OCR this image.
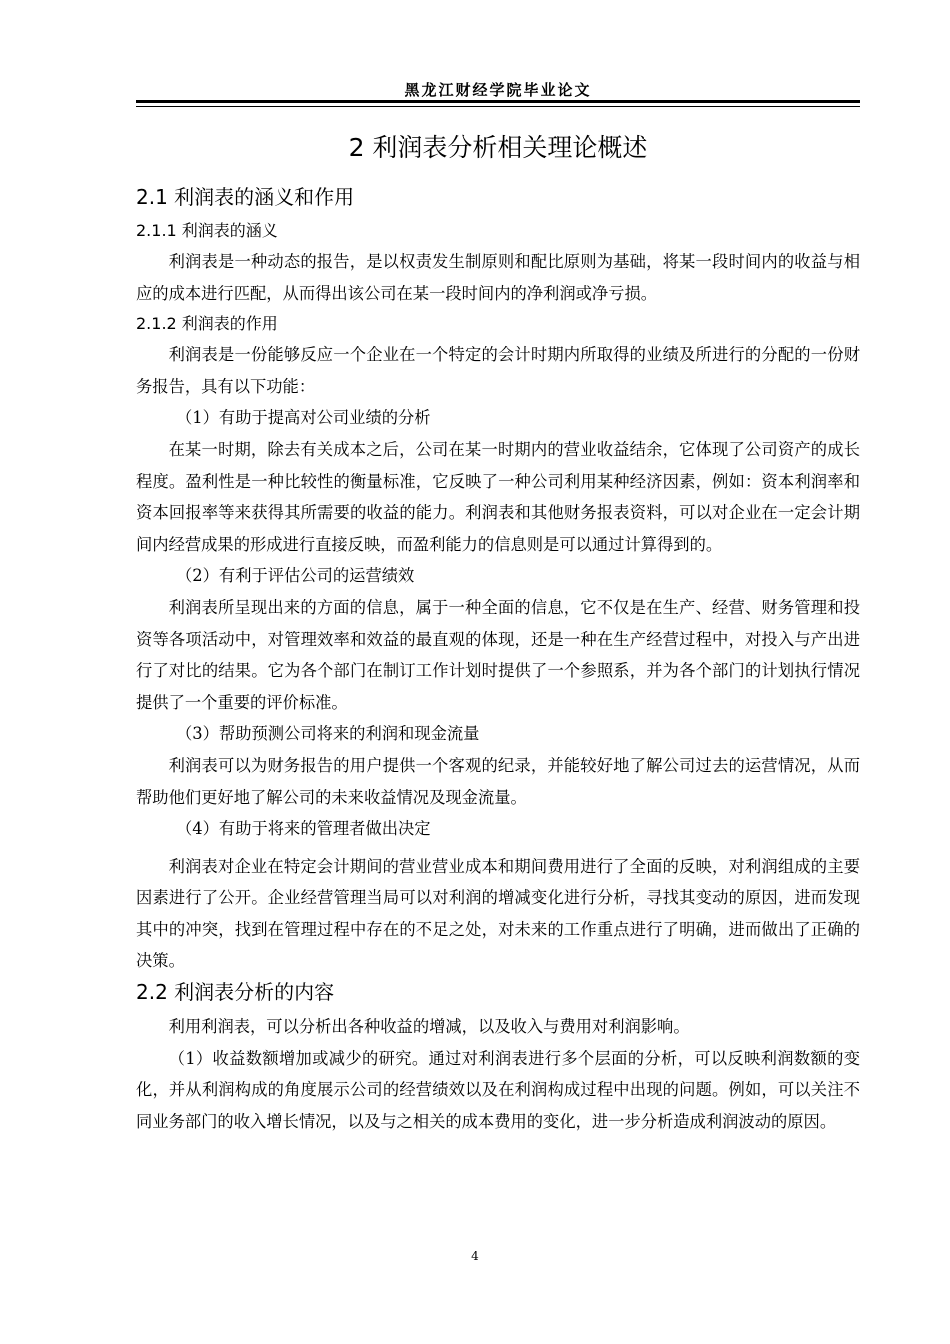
黑龙江财经学院毕业论文
2 利润表分析相关理论概述
2.1 利润表的涵义和作用
2.1.1 利润表的涵义

利润表是一种动态的报告，是以权责发生制原则和配比原则为基础，将某一段时间内的收益与相应的成本进行匹配，从而得出该公司在某一段时间内的净利润或净亏损。

2.1.2 利润表的作用

利润表是一份能够反应一个企业在一个特定的会计时期内所取得的业绩及所进行的分配的一份财务报告，具有以下功能：

（1）有助于提高对公司业绩的分析

在某一时期，除去有关成本之后，公司在某一时期内的营业收益结余，它体现了公司资产的成长程度。盈利性是一种比较性的衡量标准，它反映了一种公司利用某种经济因素，例如：资本利润率和资本回报率等来获得其所需要的收益的能力。利润表和其他财务报表资料，可以对企业在一定会计期间内经营成果的形成进行直接反映，而盈利能力的信息则是可以通过计算得到的。

（2）有利于评估公司的运营绩效

利润表所呈现出来的方面的信息，属于一种全面的信息，它不仅是在生产、经营、财务管理和投资等各项活动中，对管理效率和效益的最直观的体现，还是一种在生产经营过程中，对投入与产出进行了对比的结果。它为各个部门在制订工作计划时提供了一个参照系，并为各个部门的计划执行情况提供了一个重要的评价标准。

（3）帮助预测公司将来的利润和现金流量

利润表可以为财务报告的用户提供一个客观的纪录，并能较好地了解公司过去的运营情况，从而帮助他们更好地了解公司的未来收益情况及现金流量。

（4）有助于将来的管理者做出决定

利润表对企业在特定会计期间的营业营业成本和期间费用进行了全面的反映，对利润组成的主要因素进行了公开。企业经营管理当局可以对利润的增减变化进行分析，寻找其变动的原因，进而发现其中的冲突，找到在管理过程中存在的不足之处，对未来的工作重点进行了明确，进而做出了正确的决策。

2.2 利润表分析的内容

利用利润表，可以分析出各种收益的增减，以及收入与费用对利润影响。

（1）收益数额增加或减少的研究。通过对利润表进行多个层面的分析，可以反映利润数额的变化，并从利润构成的角度展示公司的经营绩效以及在利润构成过程中出现的问题。例如，可以关注不同业务部门的收入增长情况，以及与之相关的成本费用的变化，进一步分析造成利润波动的原因。

4
